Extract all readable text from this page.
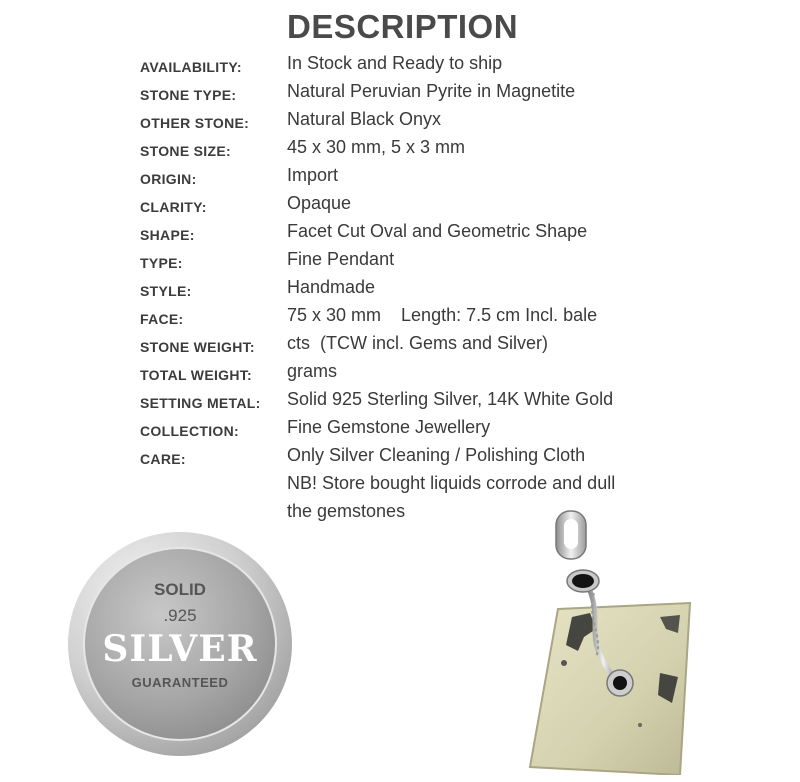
DESCRIPTION
AVAILABILITY:	In Stock and Ready to ship
STONE TYPE:	Natural Peruvian Pyrite in Magnetite
OTHER STONE: Natural Black Onyx
STONE SIZE:	45 x 30 mm, 5 x 3 mm
ORIGIN:	Import
CLARITY:	Opaque
SHAPE:	Facet Cut Oval and Geometric Shape
TYPE:	Fine Pendant
STYLE:	Handmade
FACE:	75 x 30 mm    Length: 7.5 cm Incl. bale
STONE WEIGHT: cts  (TCW incl. Gems and Silver)
TOTAL WEIGHT: grams
SETTING METAL: Solid 925 Sterling Silver, 14K White Gold
COLLECTION:	Fine Gemstone Jewellery
CARE:	Only Silver Cleaning / Polishing Cloth
NB! Store bought liquids corrode and dull
the gemstones
SOLID
.925
SILVER
GUARANTEED
